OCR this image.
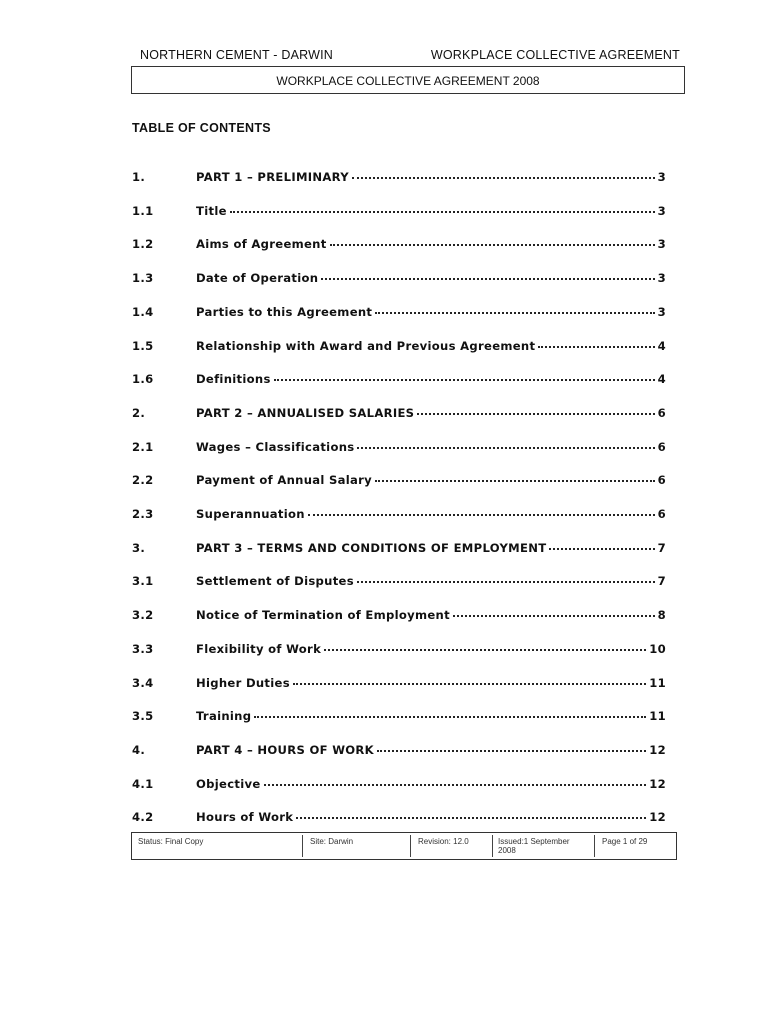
NORTHERN CEMENT - DARWIN	WORKPLACE COLLECTIVE AGREEMENT
WORKPLACE COLLECTIVE AGREEMENT 2008
TABLE OF CONTENTS
1.	PART 1 – PRELIMINARY	3
1.1	Title	3
1.2	Aims of Agreement	3
1.3	Date of Operation	3
1.4	Parties to this Agreement	3
1.5	Relationship with Award and Previous Agreement	4
1.6	Definitions	4
2.	PART 2 – ANNUALISED SALARIES	6
2.1	Wages – Classifications	6
2.2	Payment of Annual Salary	6
2.3	Superannuation	6
3.	PART 3 – TERMS AND CONDITIONS OF EMPLOYMENT	7
3.1	Settlement of Disputes	7
3.2	Notice of Termination of Employment	8
3.3	Flexibility of Work	10
3.4	Higher Duties	11
3.5	Training	11
4.	PART 4 – HOURS OF WORK	12
4.1	Objective	12
4.2	Hours of Work	12
Status: Final Copy	Site: Darwin	Revision: 12.0	Issued:1 September
2008
Page 1 of 29
